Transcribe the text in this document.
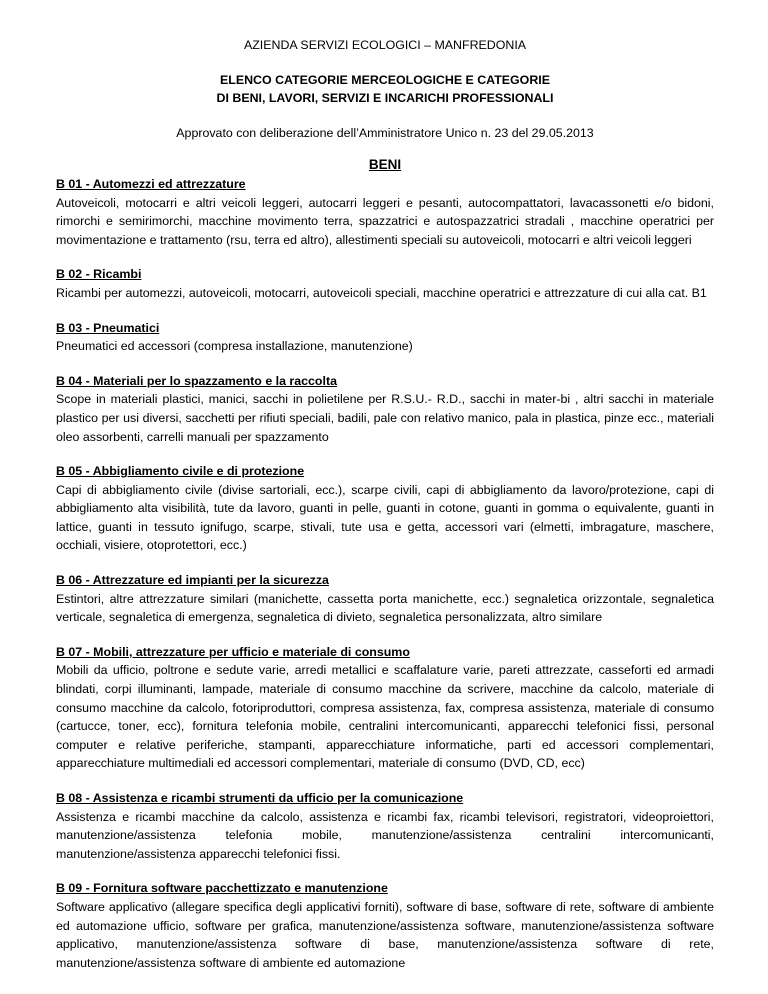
AZIENDA SERVIZI ECOLOGICI – MANFREDONIA

ELENCO CATEGORIE MERCEOLOGICHE E CATEGORIE
DI BENI, LAVORI, SERVIZI E INCARICHI PROFESSIONALI

Approvato con deliberazione dell’Amministratore Unico n. 23 del 29.05.2013

BENI

B 01 - Automezzi ed attrezzature
Autoveicoli, motocarri e altri veicoli leggeri, autocarri leggeri e pesanti, autocompattatori, lavacassonetti e/o bidoni, rimorchi e semirimorchi, macchine movimento terra, spazzatrici e autospazzatrici stradali , macchine operatrici per movimentazione e trattamento (rsu, terra ed altro), allestimenti speciali su autoveicoli, motocarri e altri veicoli leggeri
B 02 - Ricambi
Ricambi per automezzi, autoveicoli, motocarri, autoveicoli speciali, macchine operatrici e attrezzature di cui alla cat. B1
B 03 - Pneumatici
Pneumatici ed accessori (compresa installazione, manutenzione)
B 04 - Materiali per lo spazzamento e la raccolta
Scope in materiali plastici, manici, sacchi in polietilene per R.S.U.- R.D., sacchi in mater-bi , altri sacchi in materiale plastico per usi diversi, sacchetti per rifiuti speciali, badili, pale con relativo manico, pala in plastica, pinze ecc., materiali oleo assorbenti, carrelli manuali per spazzamento
B 05 - Abbigliamento civile e di protezione
Capi di abbigliamento civile (divise sartoriali, ecc.), scarpe civili, capi di abbigliamento da lavoro/protezione, capi di abbigliamento alta visibilità, tute da lavoro, guanti in pelle, guanti in cotone, guanti in gomma o equivalente, guanti in lattice, guanti in tessuto ignifugo, scarpe, stivali, tute usa e getta, accessori vari (elmetti, imbragature, maschere, occhiali, visiere, otoprotettori, ecc.)
B 06 - Attrezzature ed impianti per la sicurezza
Estintori, altre attrezzature similari (manichette, cassetta porta manichette, ecc.) segnaletica orizzontale, segnaletica verticale, segnaletica di emergenza, segnaletica di divieto, segnaletica personalizzata, altro similare
B 07 - Mobili, attrezzature per ufficio e materiale di consumo
Mobili da ufficio, poltrone e sedute varie, arredi metallici e scaffalature varie, pareti attrezzate, casseforti ed armadi blindati, corpi illuminanti, lampade, materiale di consumo macchine da scrivere, macchine da calcolo, materiale di consumo macchine da calcolo, fotoriproduttori, compresa assistenza, fax, compresa assistenza, materiale di consumo (cartucce, toner, ecc), fornitura telefonia mobile, centralini intercomunicanti, apparecchi telefonici fissi, personal computer e relative periferiche, stampanti, apparecchiature informatiche, parti ed accessori complementari, apparecchiature multimediali ed accessori complementari, materiale di consumo (DVD, CD, ecc)
B 08 - Assistenza e ricambi strumenti da ufficio per la comunicazione
Assistenza e ricambi macchine da calcolo, assistenza e ricambi fax, ricambi televisori, registratori, videoproiettori, manutenzione/assistenza telefonia mobile, manutenzione/assistenza centralini intercomunicanti, manutenzione/assistenza apparecchi telefonici fissi.
B 09 - Fornitura software pacchettizzato e manutenzione
Software applicativo (allegare specifica degli applicativi forniti), software di base, software di rete, software di ambiente ed automazione ufficio, software per grafica, manutenzione/assistenza software, manutenzione/assistenza software applicativo, manutenzione/assistenza software di base, manutenzione/assistenza software di rete, manutenzione/assistenza software di ambiente ed automazione
